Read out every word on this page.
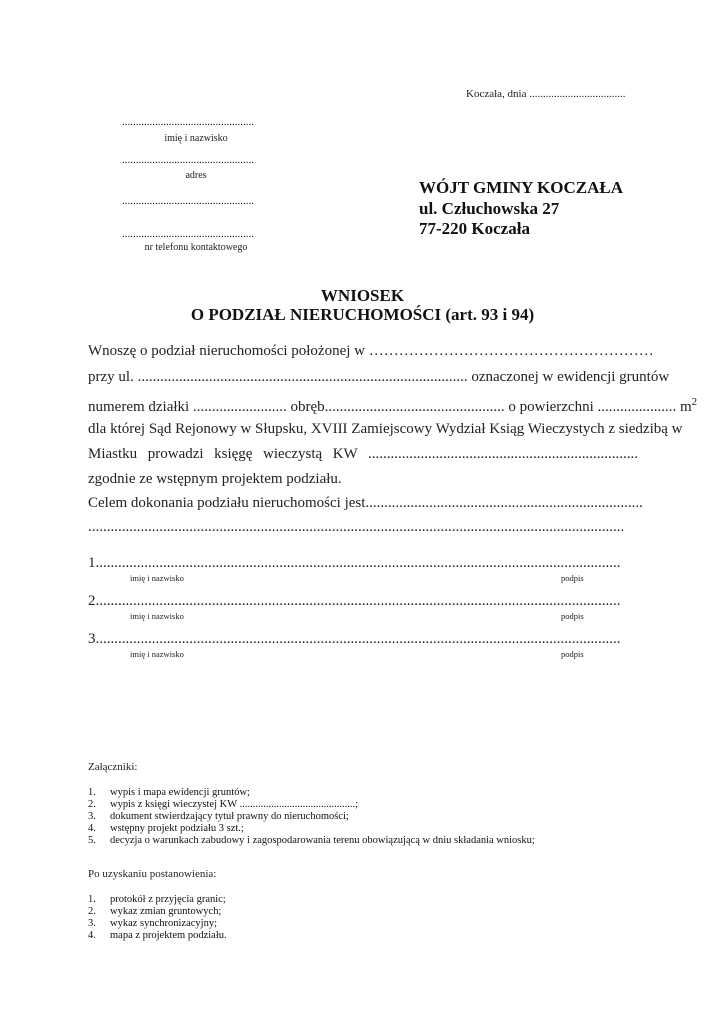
Koczała, dnia ...................................
................................................
imię i nazwisko
................................................
adres
................................................
................................................
nr telefonu kontaktowego
WÓJT GMINY KOCZAŁA
ul. Człuchowska 27
77-220 Koczała
WNIOSEK
O PODZIAŁ NIERUCHOMOŚCI (art. 93 i 94)
Wnoszę o podział nieruchomości położonej w …………………………………………………
przy ul. ........................................................................................ oznaczonej w ewidencji gruntów
numerem działki ......................... obręb................................................ o powierzchni ..................... $m^2$
dla której Sąd Rejonowy w Słupsku, XVIII Zamiejscowy Wydział Ksiąg Wieczystych z siedzibą w
Miastku prowadzi księgę wieczystą KW ........................................................................
zgodnie ze wstępnym projektem podziału.
Celem dokonania podziału nieruchomości jest..........................................................................
...............................................................................................................................................
1............................................................................................................................................
imię i nazwisko	podpis
2............................................................................................................................................
imię i nazwisko	podpis
3............................................................................................................................................
imię i nazwisko	podpis
Załączniki:
1. wypis i mapa ewidencji gruntów;
2. wypis z księgi wieczystej KW ............................................;
3. dokument stwierdzający tytuł prawny do nieruchomości;
4. wstępny projekt podziału 3 szt.;
5. decyzja o warunkach zabudowy i zagospodarowania terenu obowiązującą w dniu składania wniosku;
Po uzyskaniu postanowienia:
1. protokół z przyjęcia granic;
2. wykaz zmian gruntowych;
3. wykaz synchronizacyjny;
4. mapa z projektem podziału.
